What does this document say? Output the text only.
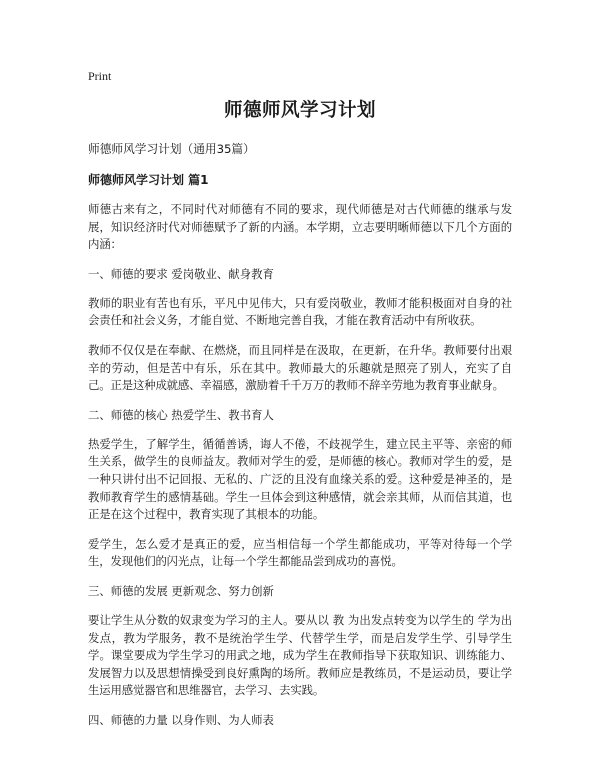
Print
师德师风学习计划
师德师风学习计划（通用35篇）
师德师风学习计划 篇1

师德古来有之，不同时代对师德有不同的要求，现代师德是对古代师德的继承与发展，知识经济时代对师德赋予了新的内涵。本学期，立志要明晰师德以下几个方面的内涵：

一、师德的要求 爱岗敬业、献身教育

教师的职业有苦也有乐，平凡中见伟大，只有爱岗敬业，教师才能积极面对自身的社会责任和社会义务，才能自觉、不断地完善自我，才能在教育活动中有所收获。

教师不仅仅是在奉献、在燃烧，而且同样是在汲取，在更新，在升华。教师要付出艰辛的劳动，但是苦中有乐，乐在其中。教师最大的乐趣就是照亮了别人，充实了自己。正是这种成就感、幸福感，激励着千千万万的教师不辞辛劳地为教育事业献身。

二、师德的核心 热爱学生、教书育人

热爱学生，了解学生，循循善诱，诲人不倦，不歧视学生，建立民主平等、亲密的师生关系，做学生的良师益友。教师对学生的爱，是师德的核心。教师对学生的爱，是一种只讲付出不记回报、无私的、广泛的且没有血缘关系的爱。这种爱是神圣的，是教师教育学生的感情基础。学生一旦体会到这种感情，就会亲其师，从而信其道，也正是在这个过程中，教育实现了其根本的功能。

爱学生，怎么爱才是真正的爱，应当相信每一个学生都能成功，平等对待每一个学生，发现他们的闪光点，让每一个学生都能品尝到成功的喜悦。

三、师德的发展 更新观念、努力创新

要让学生从分数的奴隶变为学习的主人。要从以 教 为出发点转变为以学生的 学为出发点，教为学服务，教不是统治学生学、代替学生学，而是启发学生学、引导学生学。课堂要成为学生学习的用武之地，成为学生在教师指导下获取知识、训练能力、发展智力以及思想情操受到良好熏陶的场所。教师应是教练员，不是运动员，要让学生运用感觉器官和思维器官，去学习、去实践。

四、师德的力量 以身作则、为人师表
